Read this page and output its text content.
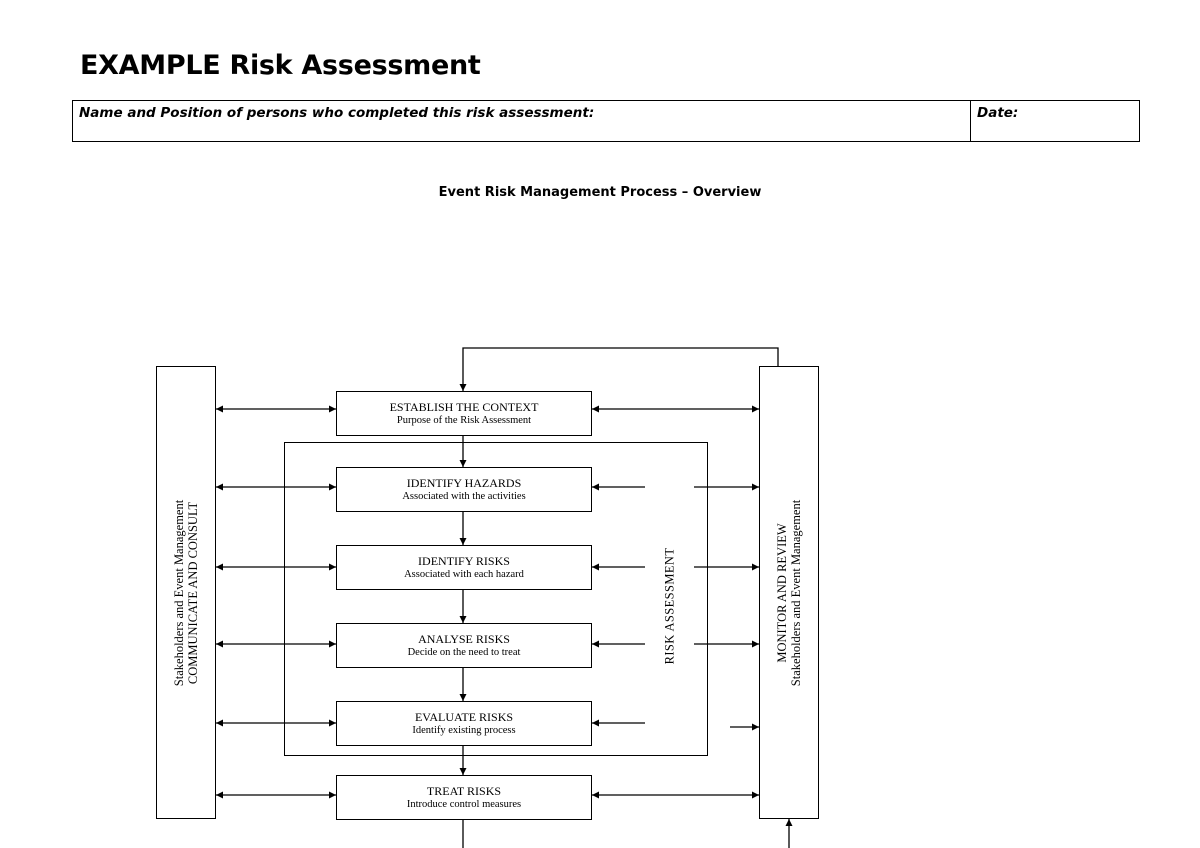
EXAMPLE Risk Assessment
Name and Position of persons who completed this risk assessment:	Date:
Event Risk Management Process – Overview
RISK ASSESSMENT
Stakeholders and Event Management COMMUNICATE AND CONSULT	MONITOR AND REVIEW Stakeholders and Event Management
ESTABLISH THE CONTEXT
Purpose of the Risk Assessment
IDENTIFY HAZARDS
Associated with the activities
IDENTIFY RISKS
Associated with each hazard
ANALYSE RISKS
Decide on the need to treat
EVALUATE RISKS
Identify existing process
TREAT RISKS
Introduce control measures
